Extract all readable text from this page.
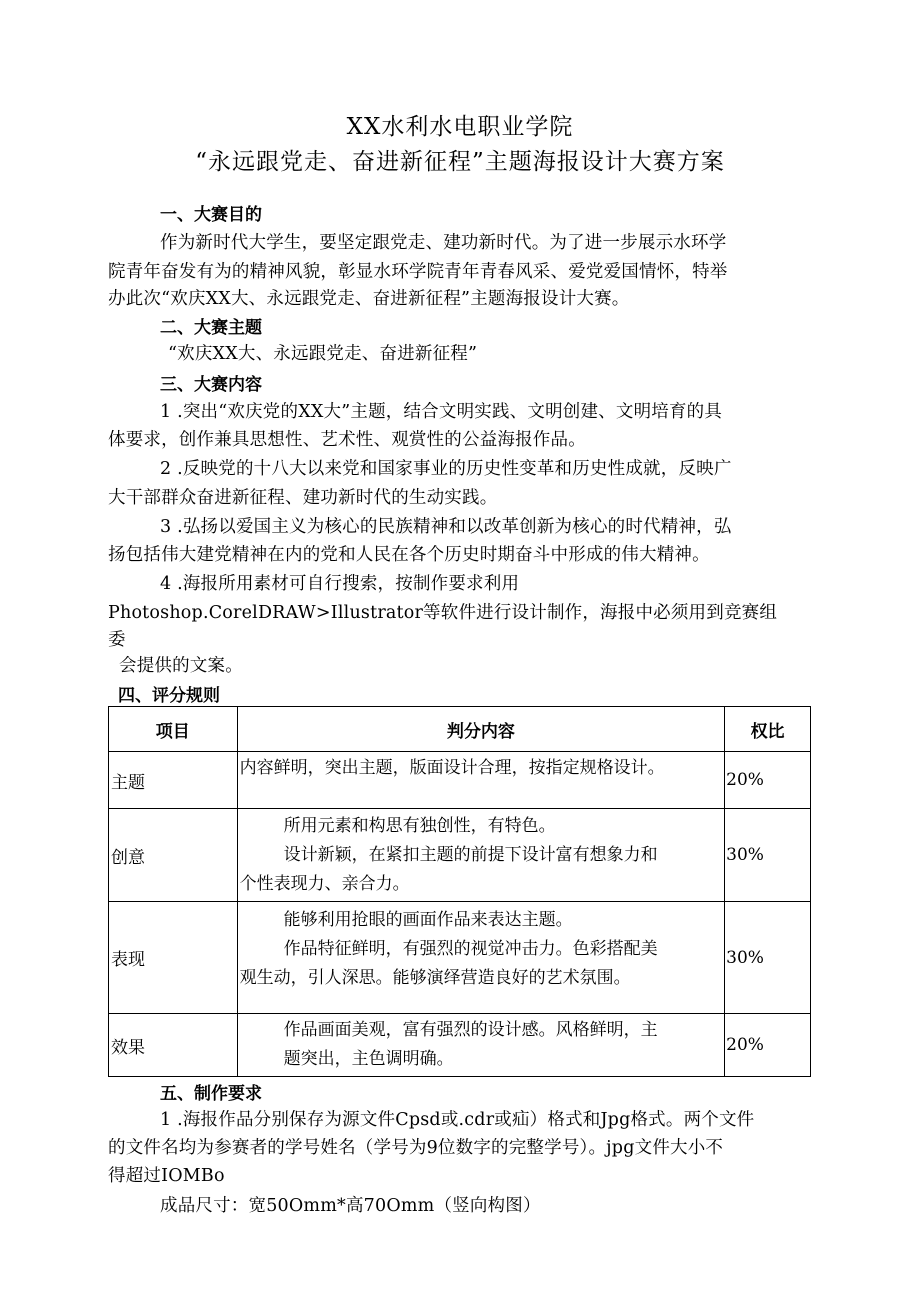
XX水利水电职业学院
“永远跟党走、奋进新征程”主题海报设计大赛方案
一、大赛目的
作为新时代大学生，要坚定跟党走、建功新时代。为了进一步展示水环学
院青年奋发有为的精神风貌，彰显水环学院青年青春风采、爱党爱国情怀，特举
办此次“欢庆XX大、永远跟党走、奋进新征程”主题海报设计大赛。
二、大赛主题
“欢庆XX大、永远跟党走、奋进新征程”
三、大赛内容
1 .突出“欢庆党的XX大”主题，结合文明实践、文明创建、文明培育的具
体要求，创作兼具思想性、艺术性、观赏性的公益海报作品。
2 .反映党的十八大以来党和国家事业的历史性变革和历史性成就，反映广
大干部群众奋进新征程、建功新时代的生动实践。
3 .弘扬以爱国主义为核心的民族精神和以改革创新为核心的时代精神，弘
扬包括伟大建党精神在内的党和人民在各个历史时期奋斗中形成的伟大精神。
4 .海报所用素材可自行搜索，按制作要求利用
Photoshop.CorelDRAW>Illustrator等软件进行设计制作，海报中必须用到竞赛组
委
会提供的文案。
四、评分规则
项目	判分内容	权比
主题	内容鲜明，突出主题，版面设计合理，按指定规格设计。	20%
创意	所用元素和构思有独创性，有特色。
设计新颖，在紧扣主题的前提下设计富有想象力和
个性表现力、亲合力。	30%
表现	能够利用抢眼的画面作品来表达主题。
作品特征鲜明，有强烈的视觉冲击力。色彩搭配美
观生动，引人深思。能够演绎营造良好的艺术氛围。	30%
效果	作品画面美观，富有强烈的设计感。风格鲜明，主
题突出，主色调明确。	20%
五、制作要求
1 .海报作品分别保存为源文件Cpsd或.cdr或疝）格式和Jpg格式。两个文件
的文件名均为参赛者的学号姓名（学号为9位数字的完整学号）。jpg文件大小不
得超过IOMBo
成品尺寸：宽50Omm*高70Omm（竖向构图）
